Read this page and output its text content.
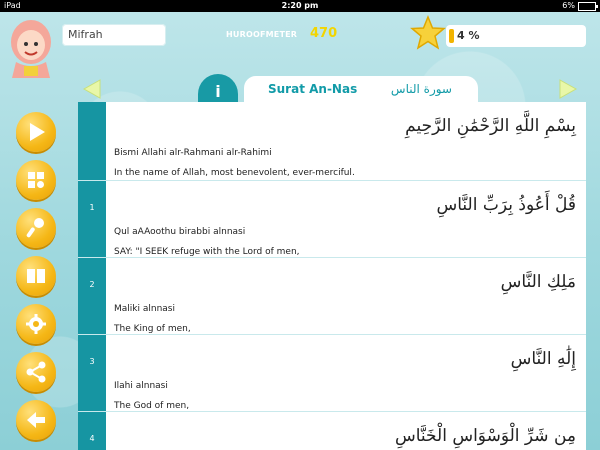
iPad	2:20 pm	6%
Mifrah	HUROOFMETER 470	4 %
i	Surat An-Nas	سورة الناس
بِسْمِ اللَّهِ الرَّحْمَٰنِ الرَّحِيمِ
Bismi Allahi alr-Rahmani alr-Rahimi
In the name of Allah, most benevolent, ever-merciful.
1	قُلْ أَعُوذُ بِرَبِّ النَّاسِ
Qul aAAoothu birabbi alnnasi
SAY: "I SEEK refuge with the Lord of men,
2	مَلِكِ النَّاسِ
Maliki alnnasi
The King of men,
3	إِلَٰهِ النَّاسِ
Ilahi alnnasi
The God of men,
4	مِن شَرِّ الْوَسْوَاسِ الْخَنَّاسِ
